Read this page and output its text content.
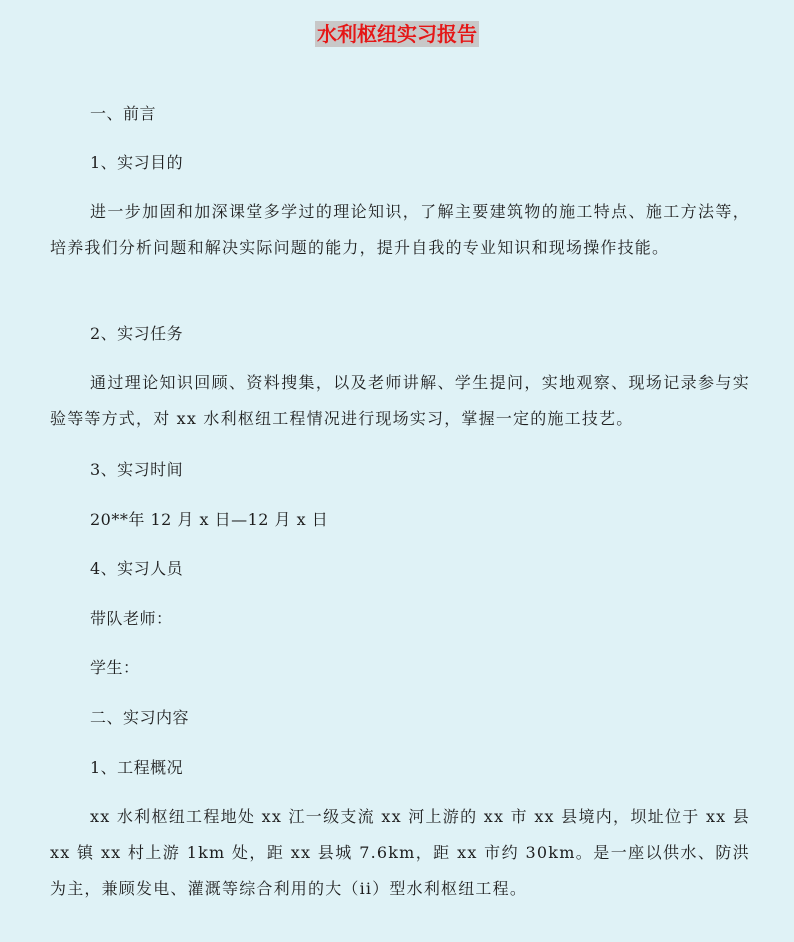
水利枢纽实习报告
一、前言
1、实习目的
进一步加固和加深课堂多学过的理论知识，了解主要建筑物的施工特点、施工方法等，培养我们分析问题和解决实际问题的能力，提升自我的专业知识和现场操作技能。
2、实习任务
通过理论知识回顾、资料搜集，以及老师讲解、学生提问，实地观察、现场记录参与实验等等方式，对 xx 水利枢纽工程情况进行现场实习，掌握一定的施工技艺。
3、实习时间
20**年 12 月 x 日—12 月 x 日
4、实习人员
带队老师：
学生：
二、实习内容
1、工程概况
xx 水利枢纽工程地处 xx 江一级支流 xx 河上游的 xx 市 xx 县境内，坝址位于 xx 县 xx 镇 xx 村上游 1km 处，距 xx 县城 7.6km，距 xx 市约 30km。是一座以供水、防洪为主，兼顾发电、灌溉等综合利用的大（ii）型水利枢纽工程。
